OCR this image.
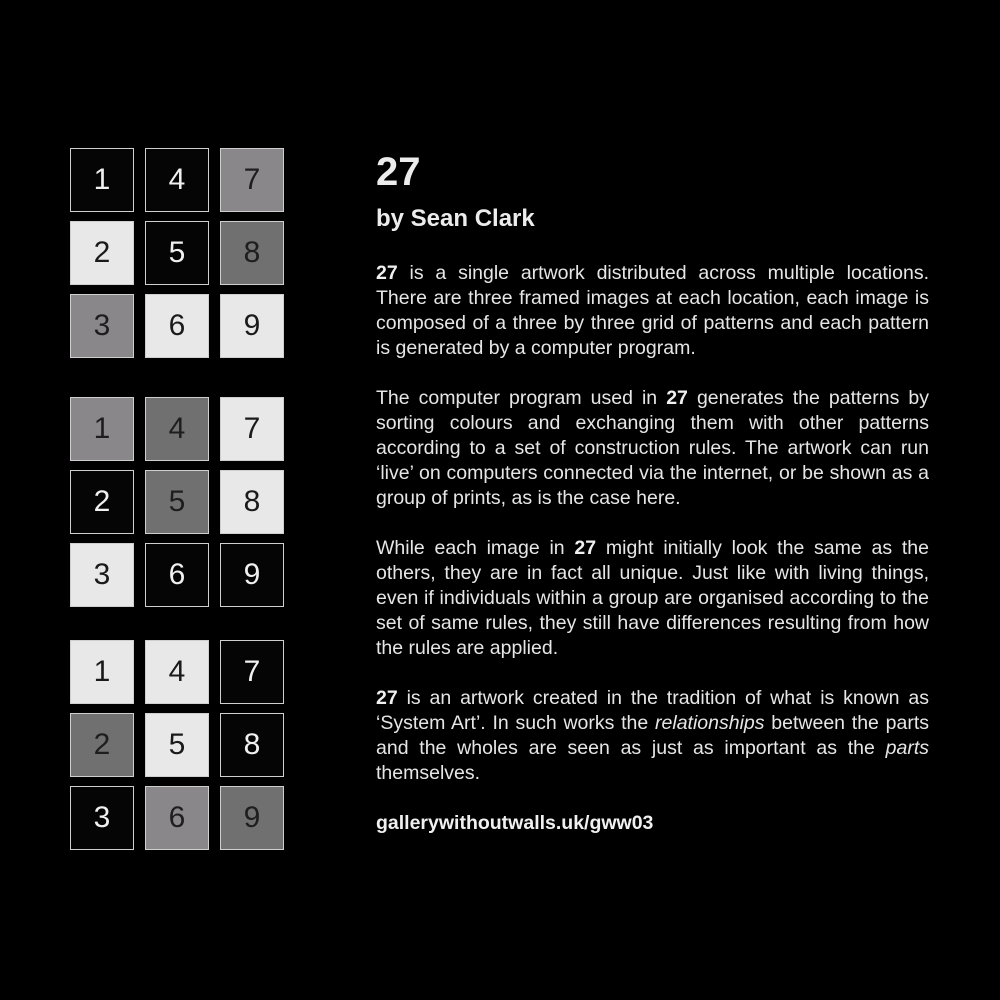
1
2
3
4
5
6
7
8
9
1
2
3
4
5
6
7
8
9
1
2
3
4
5
6
7
8
9
27
by Sean Clark

27 is a single artwork distributed across multiple locations. There are three framed images at each location, each image is composed of a three by three grid of patterns and each pattern is generated by a computer program.

The computer program used in 27 generates the patterns by sorting colours and exchanging them with other patterns according to a set of construction rules. The artwork can run ‘live’ on computers connected via the internet, or be shown as a group of prints, as is the case here.

While each image in 27 might initially look the same as the others, they are in fact all unique. Just like with living things, even if individuals within a group are organised according to the set of same rules, they still have differences resulting from how the rules are applied.

27 is an artwork created in the tradition of what is known as ‘System Art’. In such works the relationships between the parts and the wholes are seen as just as important as the parts themselves.

gallerywithoutwalls.uk/gww03
